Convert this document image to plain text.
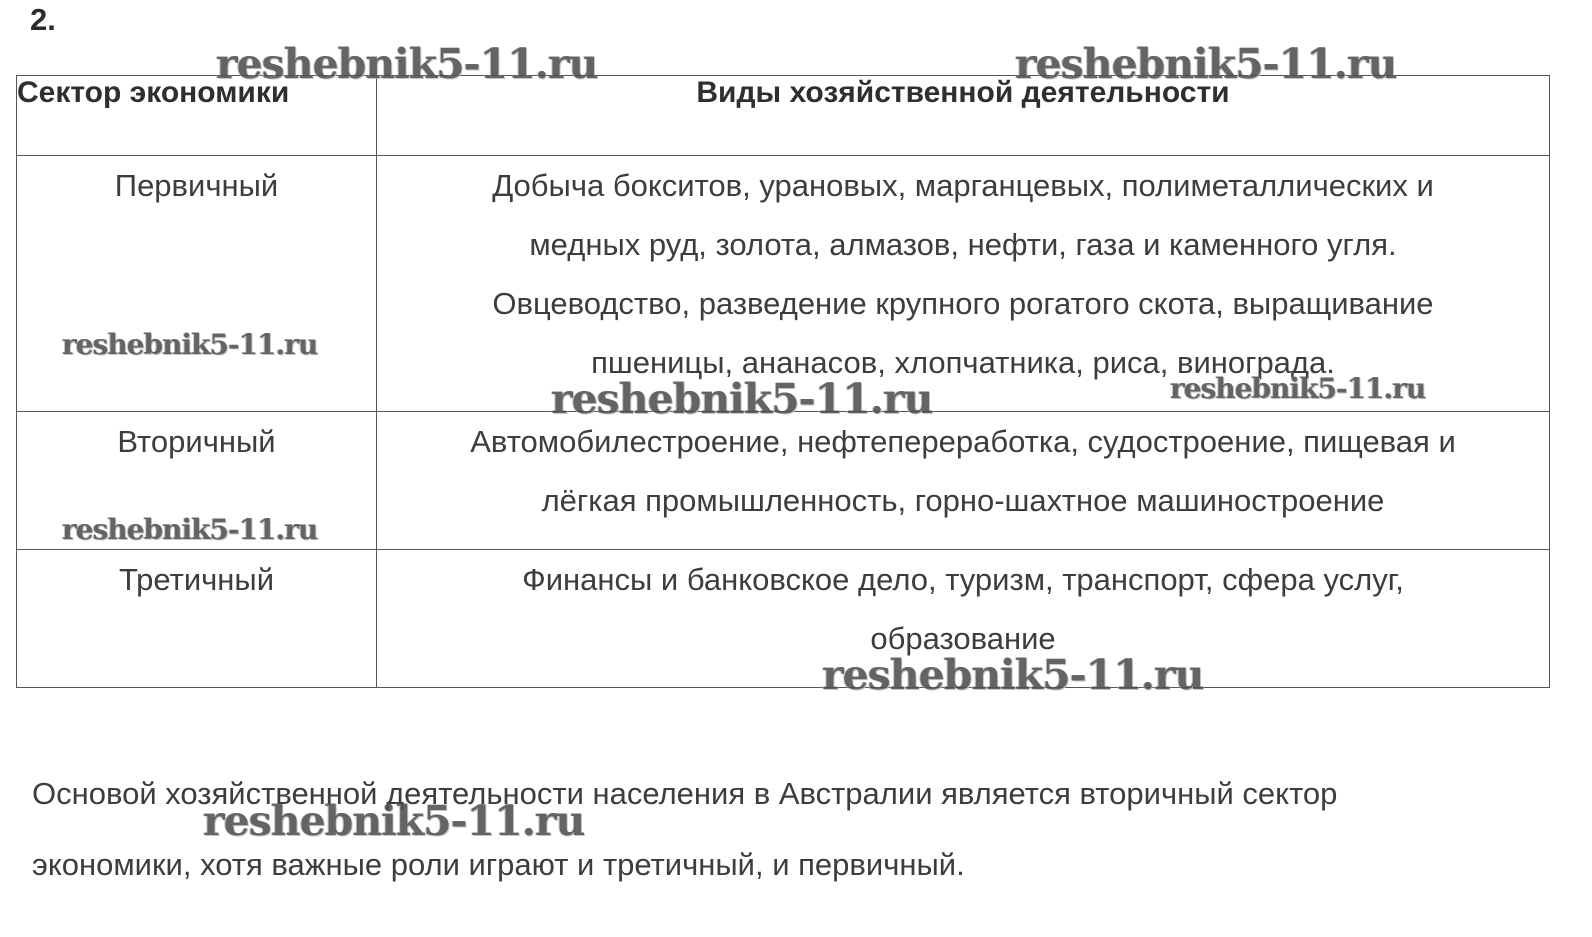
2.
Сектор экономики	Виды хозяйственной деятельности
Первичный	Добыча бокситов, урановых, марганцевых, полиметаллических и
медных руд, золота, алмазов, нефти, газа и каменного угля.
Овцеводство, разведение крупного рогатого скота, выращивание
пшеницы, ананасов, хлопчатника, риса, винограда.

Вторичный	Автомобилестроение, нефтепереработка, судостроение, пищевая и
лёгкая промышленность, горно-шахтное машиностроение

Третичный	Финансы и банковское дело, туризм, транспорт, сфера услуг,
образование
Основой хозяйственной деятельности населения в Австралии является вторичный сектор
экономики, хотя важные роли играют и третичный, и первичный.
reshebnik5-11.ru	reshebnik5-11.ru
reshebnik5-11.ru
reshebnik5-11.ru	reshebnik5-11.ru
reshebnik5-11.ru
reshebnik5-11.ru
reshebnik5-11.ru
